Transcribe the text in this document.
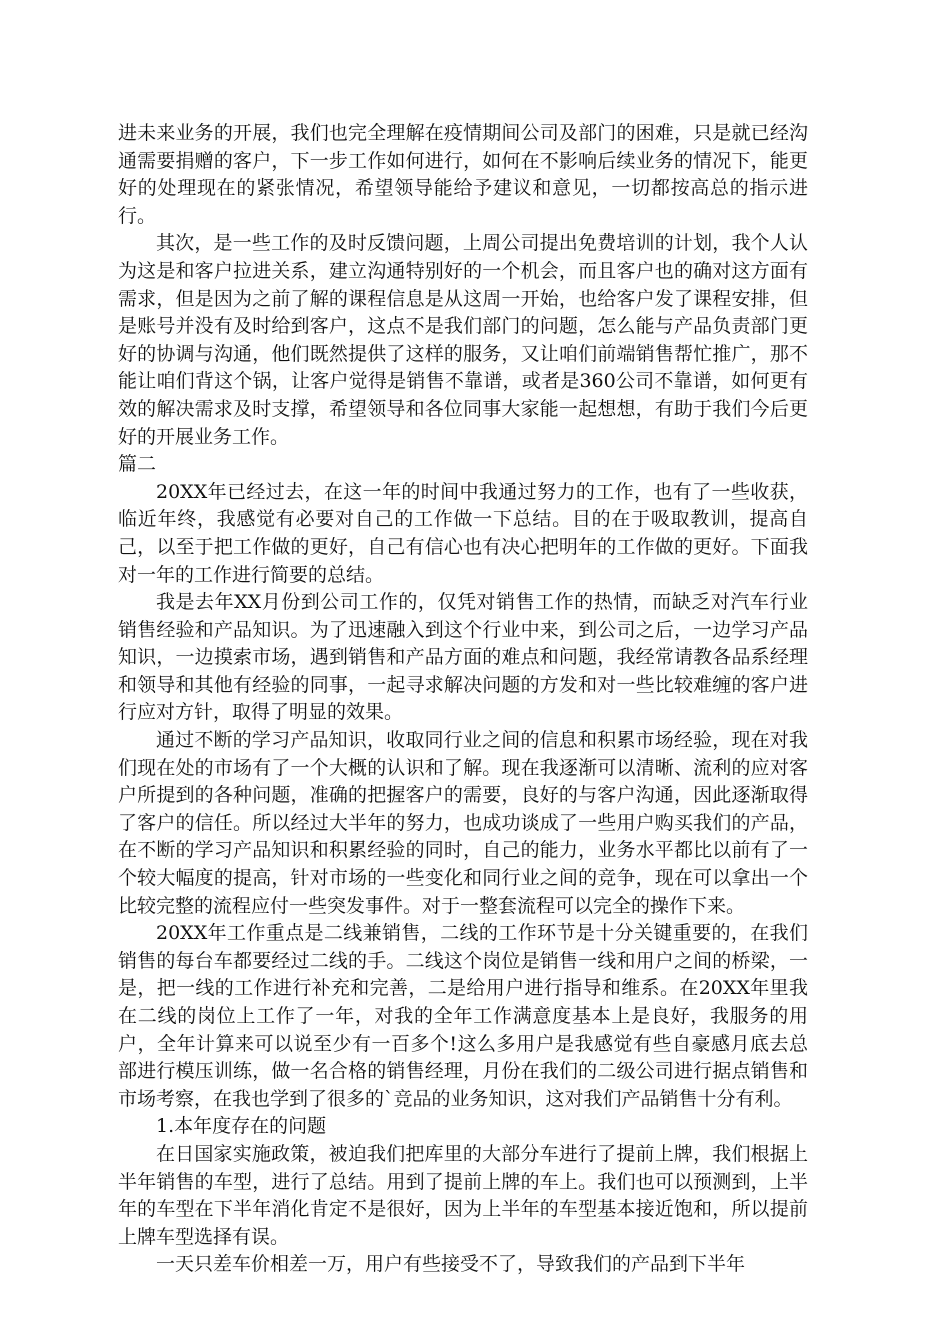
进未来业务的开展，我们也完全理解在疫情期间公司及部门的困难，只是就已经沟通需要捐赠的客户，下一步工作如何进行，如何在不影响后续业务的情况下，能更好的处理现在的紧张情况，希望领导能给予建议和意见，一切都按高总的指示进行。

其次，是一些工作的及时反馈问题，上周公司提出免费培训的计划，我个人认为这是和客户拉进关系，建立沟通特别好的一个机会，而且客户也的确对这方面有需求，但是因为之前了解的课程信息是从这周一开始，也给客户发了课程安排，但是账号并没有及时给到客户，这点不是我们部门的问题，怎么能与产品负责部门更好的协调与沟通，他们既然提供了这样的服务，又让咱们前端销售帮忙推广，那不能让咱们背这个锅，让客户觉得是销售不靠谱，或者是360公司不靠谱，如何更有效的解决需求及时支撑，希望领导和各位同事大家能一起想想，有助于我们今后更好的开展业务工作。

篇二

20XX年已经过去，在这一年的时间中我通过努力的工作，也有了一些收获，临近年终，我感觉有必要对自己的工作做一下总结。目的在于吸取教训，提高自己，以至于把工作做的更好，自己有信心也有决心把明年的工作做的更好。下面我对一年的工作进行简要的总结。

我是去年XX月份到公司工作的，仅凭对销售工作的热情，而缺乏对汽车行业销售经验和产品知识。为了迅速融入到这个行业中来，到公司之后，一边学习产品知识，一边摸索市场，遇到销售和产品方面的难点和问题，我经常请教各品系经理和领导和其他有经验的同事，一起寻求解决问题的方发和对一些比较难缠的客户进行应对方针，取得了明显的效果。

通过不断的学习产品知识，收取同行业之间的信息和积累市场经验，现在对我们现在处的市场有了一个大概的认识和了解。现在我逐渐可以清晰、流利的应对客户所提到的各种问题，准确的把握客户的需要，良好的与客户沟通，因此逐渐取得了客户的信任。所以经过大半年的努力，也成功谈成了一些用户购买我们的产品，在不断的学习产品知识和积累经验的同时，自己的能力，业务水平都比以前有了一个较大幅度的提高，针对市场的一些变化和同行业之间的竞争，现在可以拿出一个比较完整的流程应付一些突发事件。对于一整套流程可以完全的操作下来。

20XX年工作重点是二线兼销售，二线的工作环节是十分关键重要的，在我们销售的每台车都要经过二线的手。二线这个岗位是销售一线和用户之间的桥梁，一是，把一线的工作进行补充和完善，二是给用户进行指导和维系。在20XX年里我在二线的岗位上工作了一年，对我的全年工作满意度基本上是良好，我服务的用户，全年计算来可以说至少有一百多个!这么多用户是我感觉有些自豪感月底去总部进行模压训练，做一名合格的销售经理，月份在我们的二级公司进行据点销售和市场考察，在我也学到了很多的`竞品的业务知识，这对我们产品销售十分有利。

1.本年度存在的问题

在日国家实施政策，被迫我们把库里的大部分车进行了提前上牌，我们根据上半年销售的车型，进行了总结。用到了提前上牌的车上。我们也可以预测到，上半年的车型在下半年消化肯定不是很好，因为上半年的车型基本接近饱和，所以提前上牌车型选择有误。

一天只差车价相差一万，用户有些接受不了，导致我们的产品到下半年
